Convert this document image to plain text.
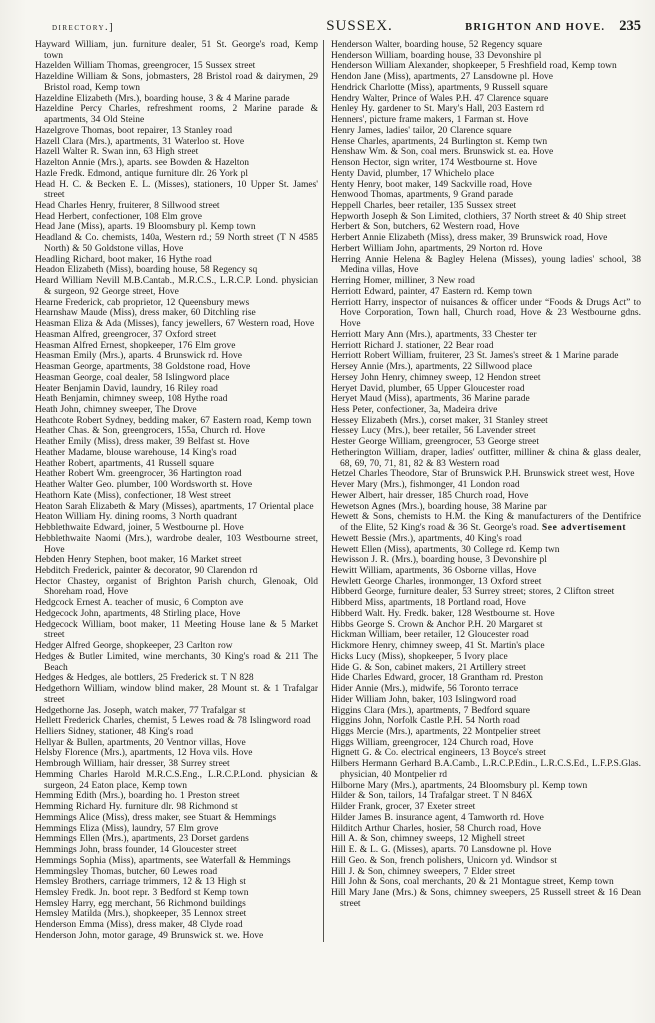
directory.]	SUSSEX.	BRIGHTON AND HOVE. 235

Hayward William, jun. furniture dealer, 51 St. George's road, Kemp town

Hazelden William Thomas, greengrocer, 15 Sussex street

Hazeldine William & Sons, jobmasters, 28 Bristol road & dairymen, 29 Bristol road, Kemp town

Hazeldine Elizabeth (Mrs.), boarding house, 3 & 4 Marine parade

Hazeldine Percy Charles, refreshment rooms, 2 Marine parade & apartments, 34 Old Steine

Hazelgrove Thomas, boot repairer, 13 Stanley road

Hazell Clara (Mrs.), apartments, 31 Waterloo st. Hove

Hazell Walter R. Swan inn, 63 High street

Hazelton Annie (Mrs.), aparts. see Bowden & Hazelton

Hazle Fredk. Edmond, antique furniture dlr. 26 York pl

Head H. C. & Becken E. L. (Misses), stationers, 10 Upper St. James' street

Head Charles Henry, fruiterer, 8 Sillwood street

Head Herbert, confectioner, 108 Elm grove

Head Jane (Miss), aparts. 19 Bloomsbury pl. Kemp town

Headland & Co. chemists, 140a, Western rd.; 59 North street (T N 4585 North) & 50 Goldstone villas, Hove

Headling Richard, boot maker, 16 Hythe road

Headon Elizabeth (Miss), boarding house, 58 Regency sq

Heard William Nevill M.B.Cantab., M.R.C.S., L.R.C.P. Lond. physician & surgeon, 92 George street, Hove

Hearne Frederick, cab proprietor, 12 Queensbury mews

Hearnshaw Maude (Miss), dress maker, 60 Ditchling rise

Heasman Eliza & Ada (Misses), fancy jewellers, 67 Western road, Hove

Heasman Alfred, greengrocer, 37 Oxford street

Heasman Alfred Ernest, shopkeeper, 176 Elm grove

Heasman Emily (Mrs.), aparts. 4 Brunswick rd. Hove

Heasman George, apartments, 38 Goldstone road, Hove

Heasman George, coal dealer, 58 Islingword place

Heater Benjamin David, laundry, 16 Riley road

Heath Benjamin, chimney sweep, 108 Hythe road

Heath John, chimney sweeper, The Drove

Heathcote Robert Sydney, bedding maker, 67 Eastern road, Kemp town

Heather Chas. & Son, greengrocers, 155a, Church rd. Hove

Heather Emily (Miss), dress maker, 39 Belfast st. Hove

Heather Madame, blouse warehouse, 14 King's road

Heather Robert, apartments, 41 Russell square

Heather Robert Wm. greengrocer, 36 Hartington road

Heather Walter Geo. plumber, 100 Wordsworth st. Hove

Heathorn Kate (Miss), confectioner, 18 West street

Heaton Sarah Elizabeth & Mary (Misses), apartments, 17 Oriental place

Heaton William Hy. dining rooms, 3 North quadrant

Hebblethwaite Edward, joiner, 5 Westbourne pl. Hove

Hebblethwaite Naomi (Mrs.), wardrobe dealer, 103 Westbourne street, Hove

Hebden Henry Stephen, boot maker, 16 Market street

Hebditch Frederick, painter & decorator, 90 Clarendon rd

Hector Chastey, organist of Brighton Parish church, Glenoak, Old Shoreham road, Hove

Hedgcock Ernest A. teacher of music, 6 Compton ave

Hedgecock John, apartments, 48 Stirling place, Hove

Hedgecock William, boot maker, 11 Meeting House lane & 5 Market street

Hedger Alfred George, shopkeeper, 23 Carlton row

Hedges & Butler Limited, wine merchants, 30 King's road & 211 The Beach

Hedges & Hedges, ale bottlers, 25 Frederick st. T N 828

Hedgethorn William, window blind maker, 28 Mount st. & 1 Trafalgar street

Hedgethorne Jas. Joseph, watch maker, 77 Trafalgar st

Hellett Frederick Charles, chemist, 5 Lewes road & 78 Islingword road

Helliers Sidney, stationer, 48 King's road

Hellyar & Bullen, apartments, 20 Ventnor villas, Hove

Helsby Florence (Mrs.), apartments, 12 Hova vils. Hove

Hembrough William, hair dresser, 38 Surrey street

Hemming Charles Harold M.R.C.S.Eng., L.R.C.P.Lond. physician & surgeon, 24 Eaton place, Kemp town

Hemming Edith (Mrs.), boarding ho. 1 Preston street

Hemming Richard Hy. furniture dlr. 98 Richmond st

Hemmings Alice (Miss), dress maker, see Stuart & Hemmings

Hemmings Eliza (Miss), laundry, 57 Elm grove

Hemmings Ellen (Mrs.), apartments, 23 Dorset gardens

Hemmings John, brass founder, 14 Gloucester street

Hemmings Sophia (Miss), apartments, see Waterfall & Hemmings

Hemmingsley Thomas, butcher, 60 Lewes road

Hemsley Brothers, carriage trimmers, 12 & 13 High st

Hemsley Fredk. Jn. boot repr. 3 Bedford st Kemp town

Hemsley Harry, egg merchant, 56 Richmond buildings

Hemsley Matilda (Mrs.), shopkeeper, 35 Lennox street

Henderson Emma (Miss), dress maker, 48 Clyde road

Henderson John, motor garage, 49 Brunswick st. we. Hove

Henderson Walter, boarding house, 52 Regency square

Henderson William, boarding house, 33 Devonshire pl

Henderson William Alexander, shopkeeper, 5 Freshfield road, Kemp town

Hendon Jane (Miss), apartments, 27 Lansdowne pl. Hove

Hendrick Charlotte (Miss), apartments, 9 Russell square

Hendry Walter, Prince of Wales P.H. 47 Clarence square

Henley Hy. gardener to St. Mary's Hall, 203 Eastern rd

Henners', picture frame makers, 1 Farman st. Hove

Henry James, ladies' tailor, 20 Clarence square

Hense Charles, apartments, 24 Burlington st. Kemp twn

Henshaw Wm. & Son, coal mers. Brunswick st. ea. Hove

Henson Hector, sign writer, 174 Westbourne st. Hove

Henty David, plumber, 17 Whichelo place

Henty Henry, boot maker, 149 Sackville road, Hove

Henwood Thomas, apartments, 9 Grand parade

Heppell Charles, beer retailer, 135 Sussex street

Hepworth Joseph & Son Limited, clothiers, 37 North street & 40 Ship street

Herbert & Son, butchers, 62 Western road, Hove

Herbert Annie Elizabeth (Miss), dress maker, 39 Brunswick road, Hove

Herbert William John, apartments, 29 Norton rd. Hove

Herring Annie Helena & Bagley Helena (Misses), young ladies' school, 38 Medina villas, Hove

Herring Homer, milliner, 3 New road

Herriott Edward, painter, 47 Eastern rd. Kemp town

Herriott Harry, inspector of nuisances & officer under “Foods & Drugs Act” to Hove Corporation, Town hall, Church road, Hove & 23 Westbourne gdns. Hove

Herriott Mary Ann (Mrs.), apartments, 33 Chester ter

Herriott Richard J. stationer, 22 Bear road

Herriott Robert William, fruiterer, 23 St. James's street & 1 Marine parade

Hersey Annie (Mrs.), apartments, 22 Sillwood place

Hersey John Henry, chimney sweep, 12 Hendon street

Heryet David, plumber, 65 Upper Gloucester road

Heryet Maud (Miss), apartments, 36 Marine parade

Hess Peter, confectioner, 3a, Madeira drive

Hessey Elizabeth (Mrs.), corset maker, 31 Stanley street

Hessey Lucy (Mrs.), beer retailer, 56 Lavender street

Hester George William, greengrocer, 53 George street

Hetherington William, draper, ladies' outfitter, milliner & china & glass dealer, 68, 69, 70, 71, 81, 82 & 83 Western road

Hetzel Charles Theodore, Star of Brunswick P.H. Brunswick street west, Hove

Hever Mary (Mrs.), fishmonger, 41 London road

Hewer Albert, hair dresser, 185 Church road, Hove

Hewetson Agnes (Mrs.), boarding house, 38 Marine par

Hewett & Sons, chemists to H.M. the King & manufacturers of the Dentifrice of the Elite, 52 King's road & 36 St. George's road. See advertisement

Hewett Bessie (Mrs.), apartments, 40 King's road

Hewett Ellen (Miss), apartments, 30 College rd. Kemp twn

Hewisson J. R. (Mrs.), boarding house, 3 Devonshire pl

Hewitt William, apartments, 36 Osborne villas, Hove

Hewlett George Charles, ironmonger, 13 Oxford street

Hibberd George, furniture dealer, 53 Surrey street; stores, 2 Clifton street

Hibberd Miss, apartments, 18 Portland road, Hove

Hibberd Walt. Hy. Fredk. baker, 128 Westbourne st. Hove

Hibbs George S. Crown & Anchor P.H. 20 Margaret st

Hickman William, beer retailer, 12 Gloucester road

Hickmore Henry, chimney sweep, 41 St. Martin's place

Hicks Lucy (Miss), shopkeeper, 5 Ivory place

Hide G. & Son, cabinet makers, 21 Artillery street

Hide Charles Edward, grocer, 18 Grantham rd. Preston

Hider Annie (Mrs.), midwife, 56 Toronto terrace

Hider William John, baker, 103 Islingword road

Higgins Clara (Mrs.), apartments, 7 Bedford square

Higgins John, Norfolk Castle P.H. 54 North road

Higgs Mercie (Mrs.), apartments, 22 Montpelier street

Higgs William, greengrocer, 124 Church road, Hove

Hignett G. & Co. electrical engineers, 13 Boyce's street

Hilbers Hermann Gerhard B.A.Camb., L.R.C.P.Edin., L.R.C.S.Ed., L.F.P.S.Glas. physician, 40 Montpelier rd

Hilborne Mary (Mrs.), apartments, 24 Bloomsbury pl. Kemp town

Hilder & Son, tailors, 14 Trafalgar street. T N 846X

Hilder Frank, grocer, 37 Exeter street

Hilder James B. insurance agent, 4 Tamworth rd. Hove

Hilditch Arthur Charles, hosier, 58 Church road, Hove

Hill A. & Son, chimney sweeps, 12 Mighell street

Hill E. & L. G. (Misses), aparts. 70 Lansdowne pl. Hove

Hill Geo. & Son, french polishers, Unicorn yd. Windsor st

Hill J. & Son, chimney sweepers, 7 Elder street

Hill John & Sons, coal merchants, 20 & 21 Montague street, Kemp town

Hill Mary Jane (Mrs.) & Sons, chimney sweepers, 25 Russell street & 16 Dean street
